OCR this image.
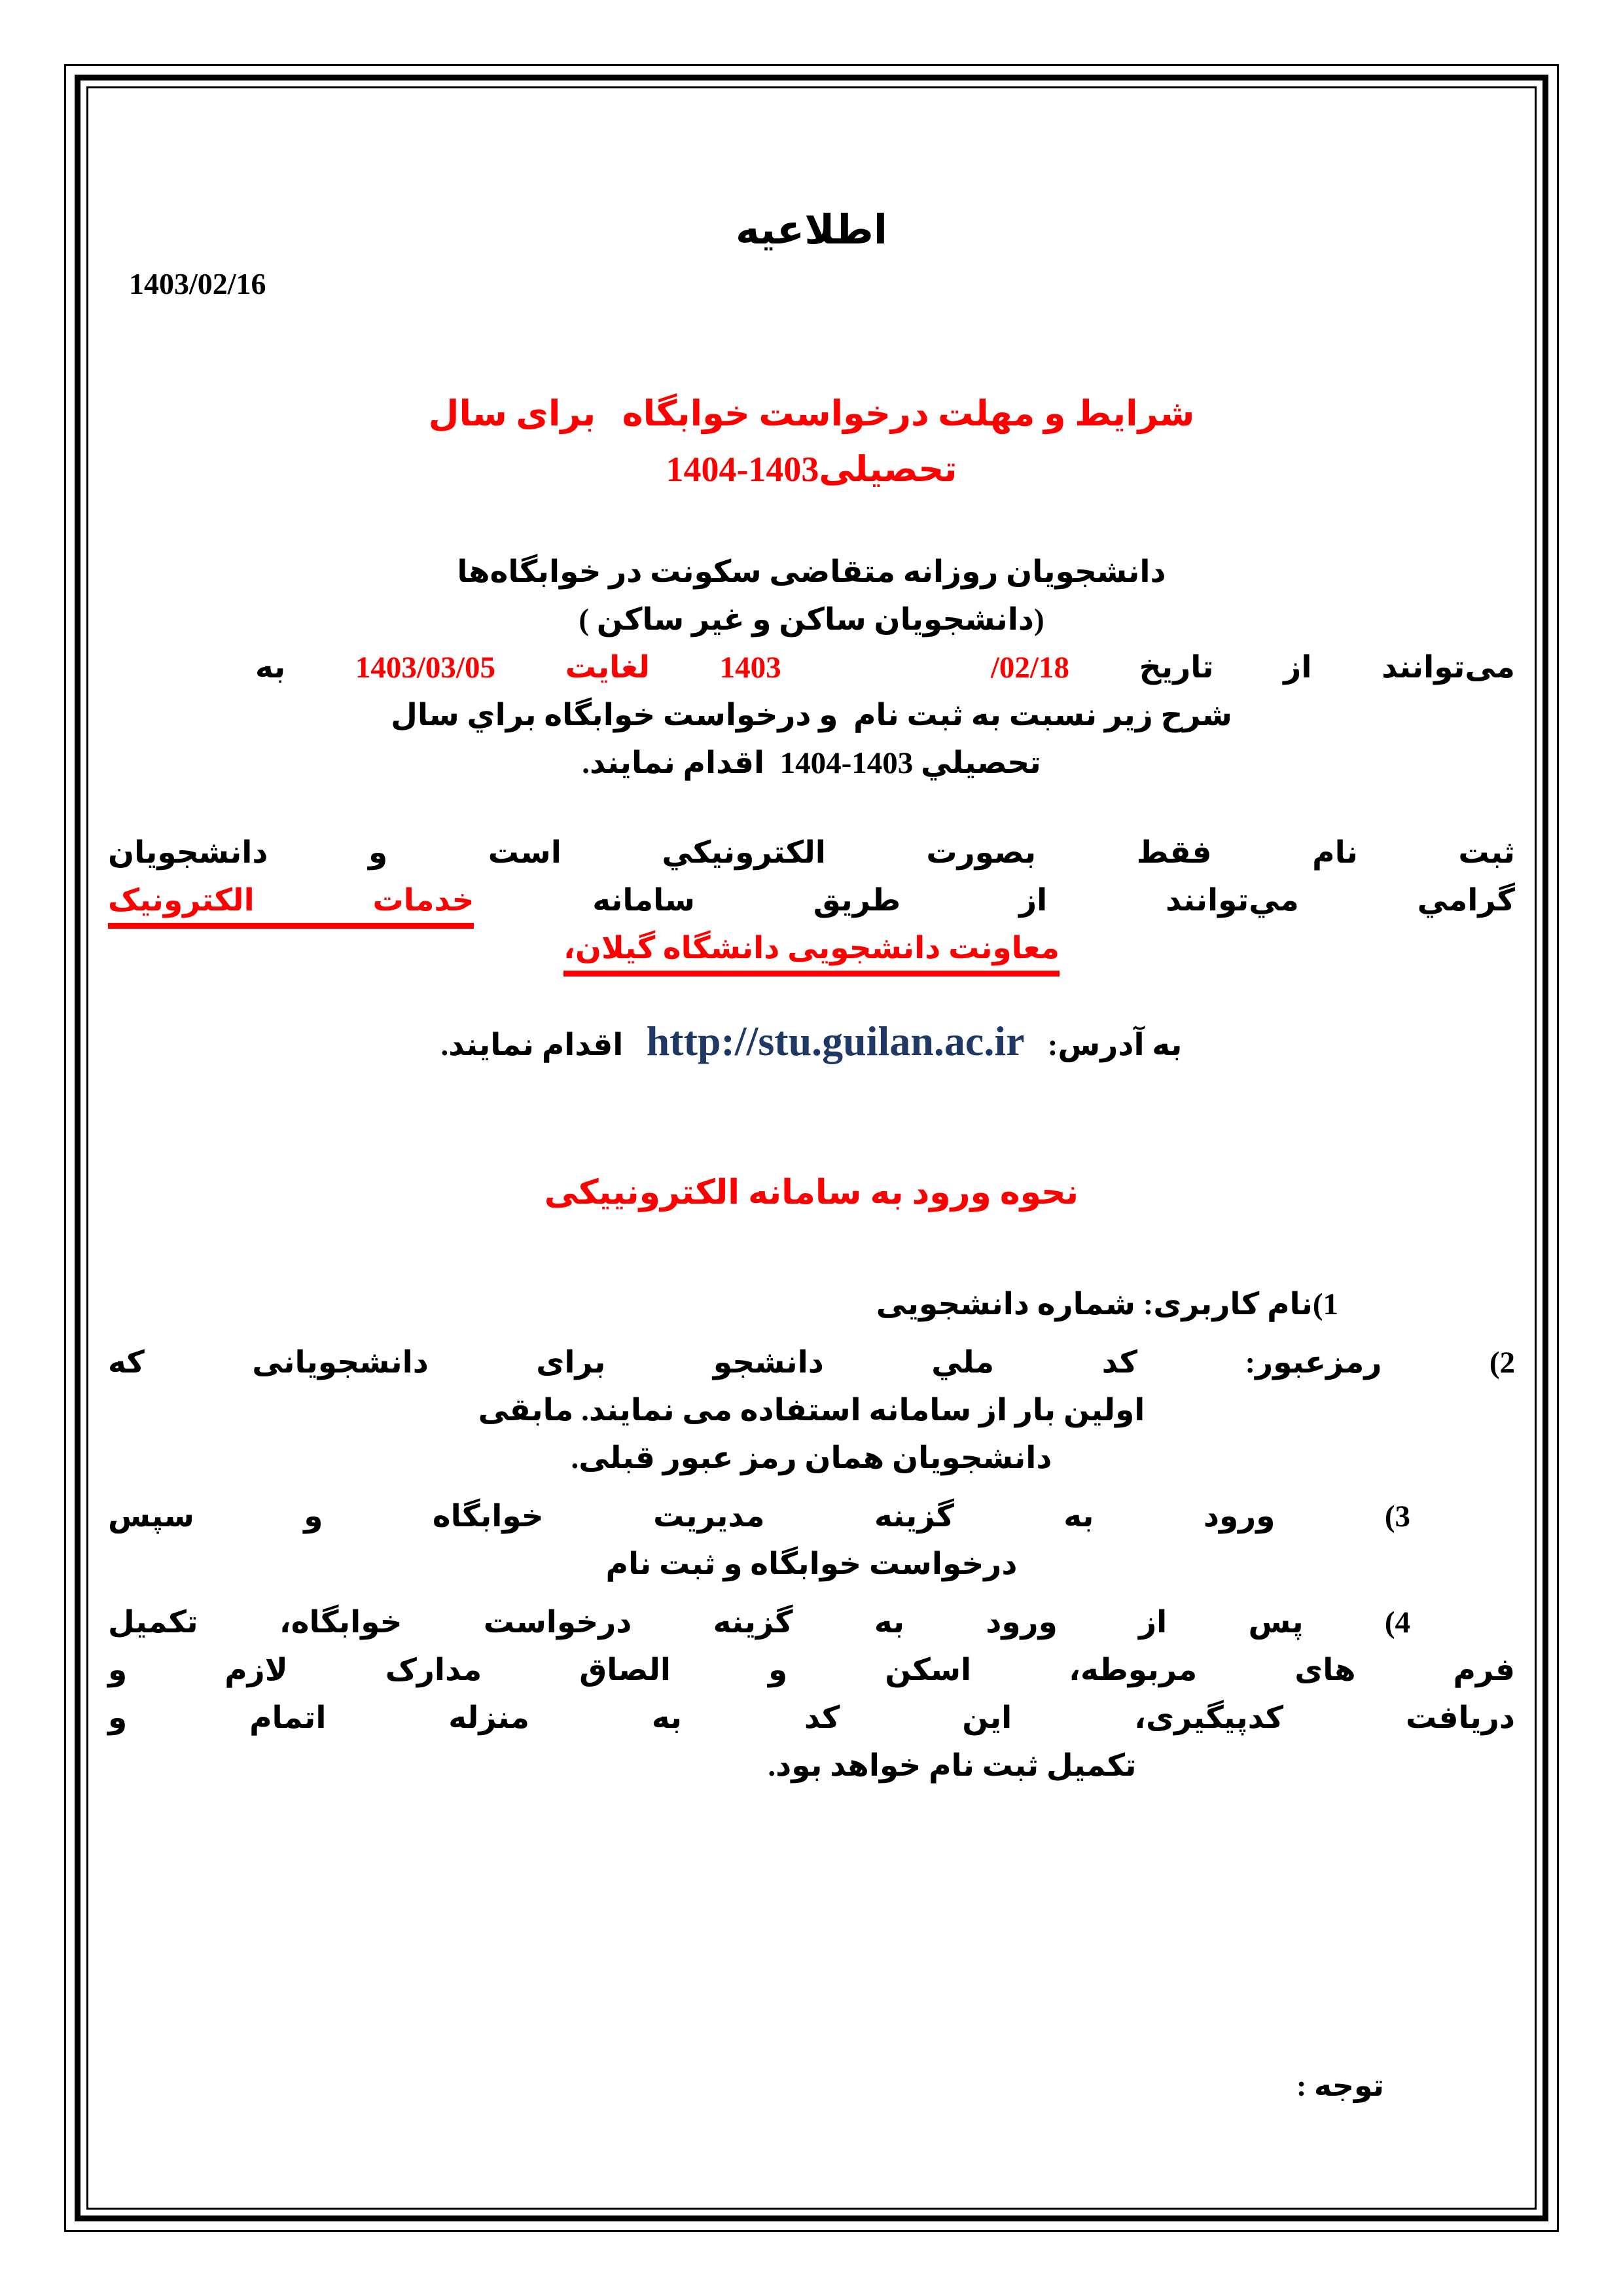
اطلاعیه
1403/02/16
شرایط و مهلت درخواست خوابگاه   برای سال
تحصیلی1403-1404
دانشجویان روزانه متقاضی سکونت در خوابگاه‌ها
(دانشجویان ساکن و غیر ساکن )
می‌توانند از تاریخ 1403   /02/18 لغایت 1403/03/05 به
شرح زیر نسبت به ثبت نام  و درخواست خوابگاه براي سال
تحصيلي 1403-1404  اقدام نمایند.
ثبت نام فقط بصورت الکترونيکي است و دانشجویان
گرامي مي‌توانند از طریق سامانه خدمات الکترونیک
معاونت دانشجویی دانشگاه گیلان،
به آدرس:   http://stu.guilan.ac.ir   اقدام نمایند.
نحوه ورود به سامانه الکترونییکی
1)نام کاربری: شماره دانشجویی
2) رمزعبور: کد ملي دانشجو برای دانشجویانی که
اولین بار از سامانه استفاده می نمایند. مابقی
دانشجویان همان رمز عبور قبلی.
3) ورود به گزینه مدیریت خوابگاه و سپس
درخواست خوابگاه و ثبت نام
4) پس از ورود به گزینه درخواست خوابگاه، تکمیل
فرم های مربوطه، اسکن و الصاق مدارک لازم و
دریافت کدپیگیری، این کد به منزله اتمام و
تکمیل ثبت نام خواهد بود.
توجه :
